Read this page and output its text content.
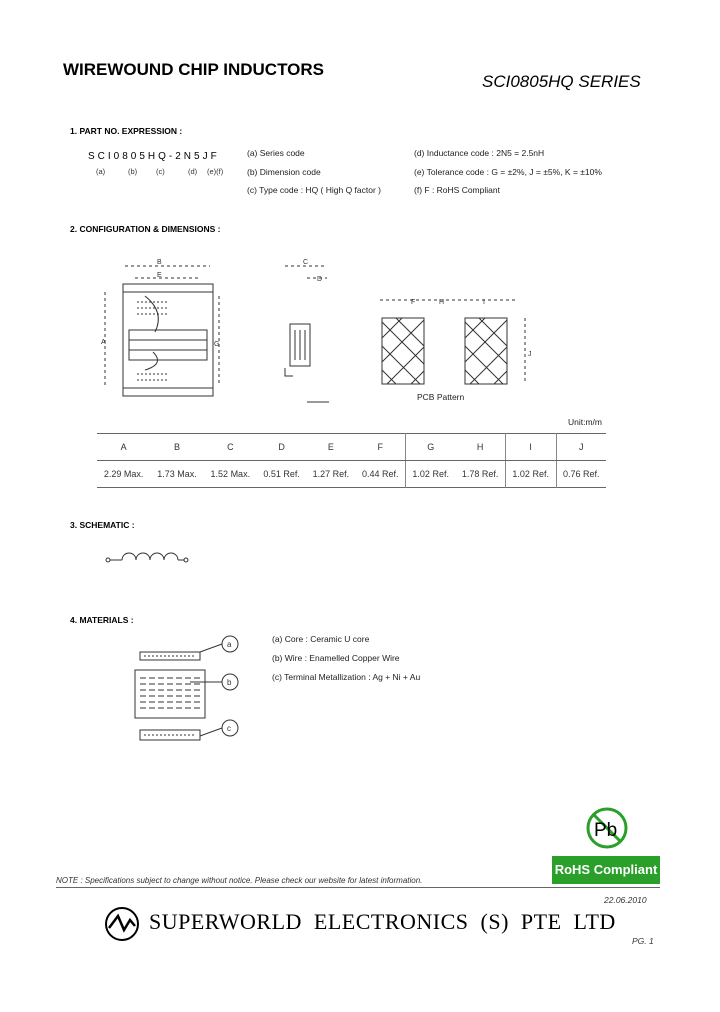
WIREWOUND CHIP INDUCTORS
SCI0805HQ SERIES
1. PART NO. EXPRESSION :
SCI0805HQ-2N5JF
(a)	(b)	(c)	(d) (e)(f)
(a) Series code
(b) Dimension code
(c) Type code : HQ ( High Q factor )
(d) Inductance code : 2N5 = 2.5nH
(e) Tolerance code : G = ±2%, J = ±5%, K = ±10%
(f) F : RoHS Compliant
2. CONFIGURATION & DIMENSIONS :
B
E
A	G
C
D
F	H	I
J
PCB Pattern
Unit:m/m
A	B	C	D	E	F	G	H	I	J
2.29 Max.	1.73 Max.	1.52 Max.	0.51 Ref.	1.27 Ref.	0.44 Ref.	1.02 Ref.	1.78 Ref.	1.02 Ref.	0.76 Ref.
3. SCHEMATIC :
4. MATERIALS :
a
b
c
(a) Core : Ceramic U core
(b) Wire : Enamelled Copper Wire
(c) Terminal Metallization : Ag + Ni + Au
Pb
RoHS Compliant
NOTE : Specifications subject to change without notice. Please check our website for latest information.
22.06.2010
SUPERWORLD ELECTRONICS (S) PTE LTD
PG. 1
